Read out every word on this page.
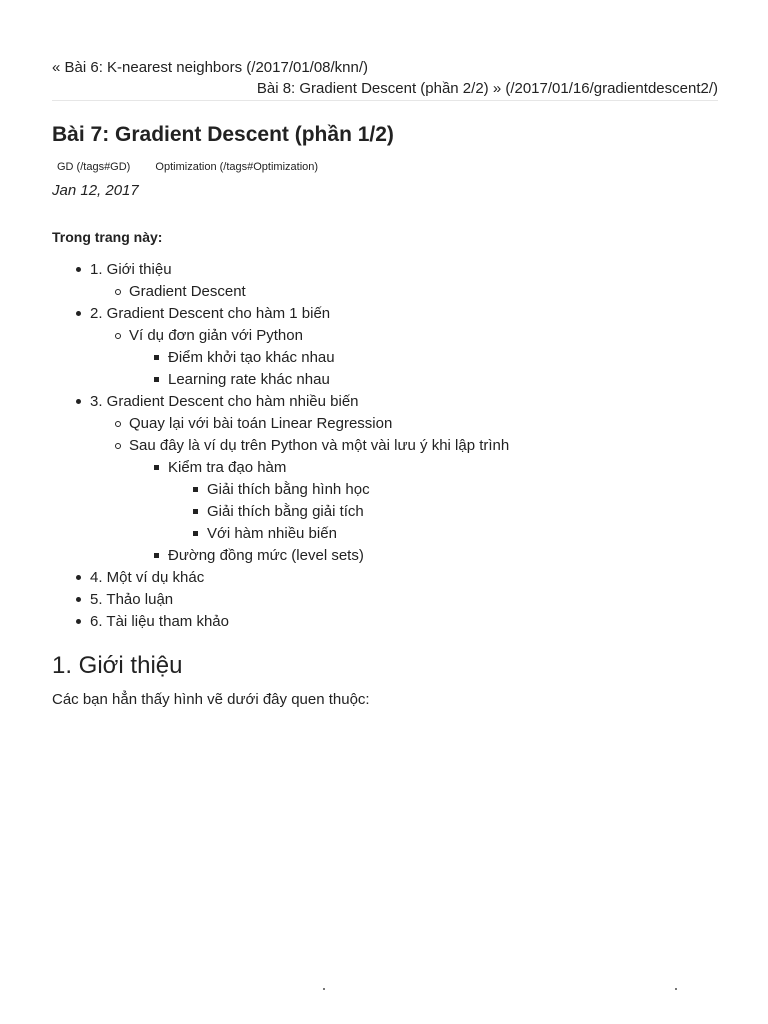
« Bài 6: K-nearest neighbors (/2017/01/08/knn/)
Bài 8: Gradient Descent (phần 2/2) » (/2017/01/16/gradientdescent2/)
Bài 7: Gradient Descent (phần 1/2)
GD (/tags#GD) Optimization (/tags#Optimization)
Jan 12, 2017
Trong trang này:
1. Giới thiệu
Gradient Descent
2. Gradient Descent cho hàm 1 biến
Ví dụ đơn giản với Python
Điểm khởi tạo khác nhau
Learning rate khác nhau
3. Gradient Descent cho hàm nhiều biến
Quay lại với bài toán Linear Regression
Sau đây là ví dụ trên Python và một vài lưu ý khi lập trình
Kiểm tra đạo hàm
Giải thích bằng hình học
Giải thích bằng giải tích
Với hàm nhiều biến
Đường đồng mức (level sets)
4. Một ví dụ khác
5. Thảo luận
6. Tài liệu tham khảo
1. Giới thiệu
Các bạn hẳn thấy hình vẽ dưới đây quen thuộc:
